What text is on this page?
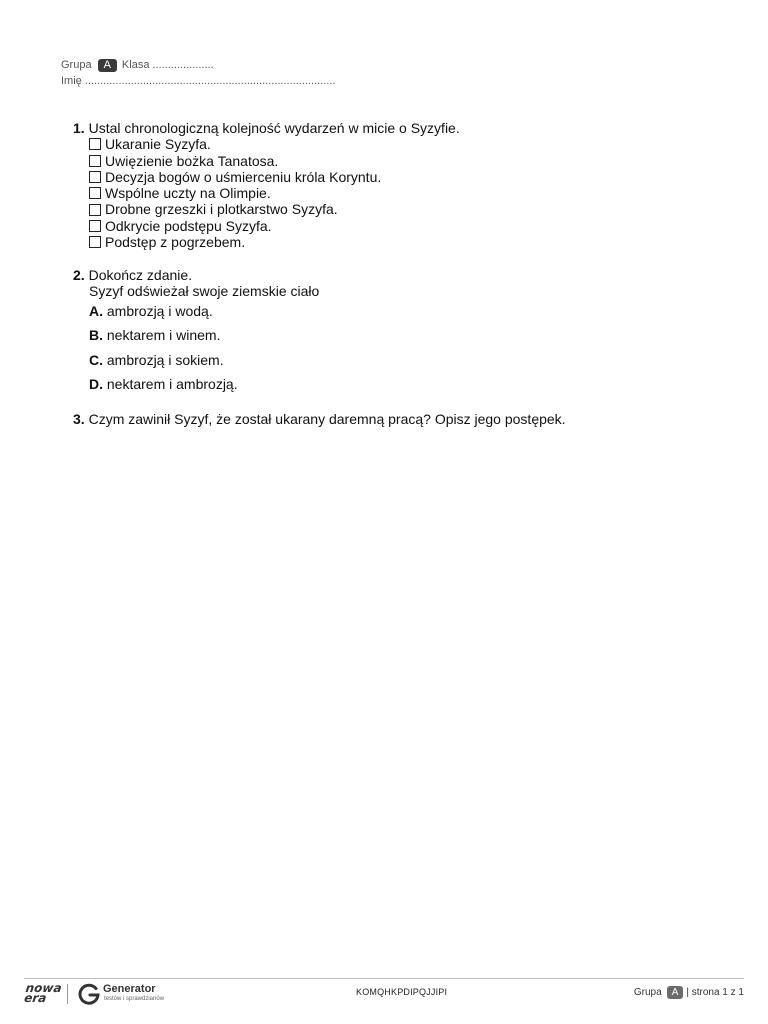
Grupa A Klasa ....................
Imię ..................................................................................
1. Ustal chronologiczną kolejność wydarzeń w micie o Syzyfie.
Ukaranie Syzyfa.
Uwięzienie bożka Tanatosa.
Decyzja bogów o uśmierceniu króla Koryntu.
Wspólne uczty na Olimpie.
Drobne grzeszki i plotkarstwo Syzyfa.
Odkrycie podstępu Syzyfa.
Podstęp z pogrzebem.
2. Dokończ zdanie.
Syzyf odświeżał swoje ziemskie ciało
A. ambrozją i wodą.
B. nektarem i winem.
C. ambrozją i sokiem.
D. nektarem i ambrozją.
3. Czym zawinił Syzyf, że został ukarany daremną pracą? Opisz jego postępek.
nowa
era
Generator
testów i sprawdzianów
KOMQHKPDIPQJJIPI	Grupa	A | strona 1 z 1
